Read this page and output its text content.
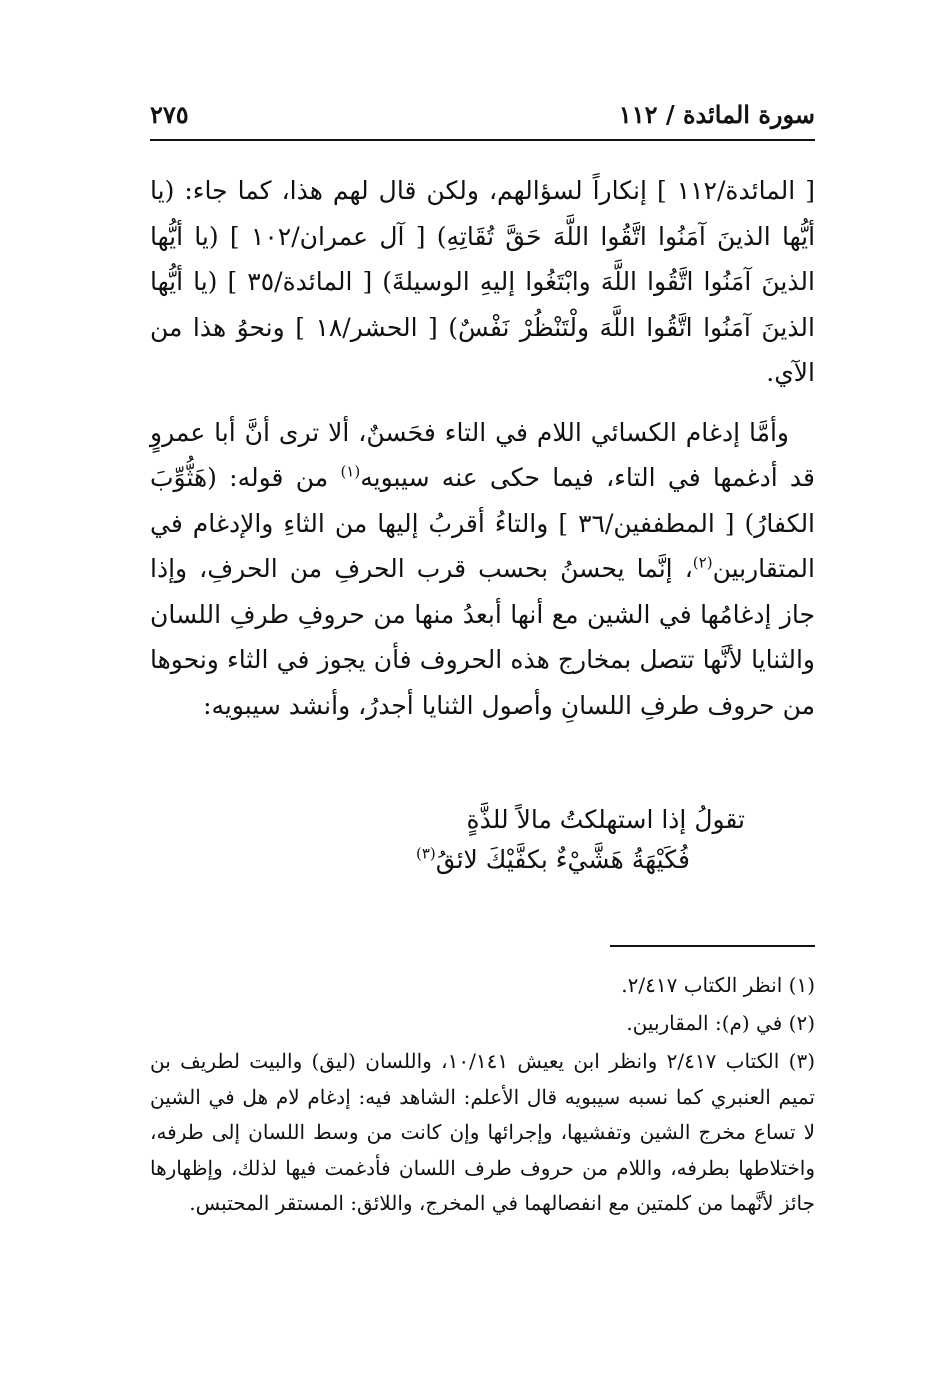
سورة المائدة / ١١٢
٢٧٥

[ المائدة/١١٢ ] إنكاراً لسؤالهم، ولكن قال لهم هذا، كما جاء: (يا أيُّها الذينَ آمَنُوا اتَّقُوا اللَّهَ حَقَّ تُقَاتِهِ) [ آل عمران/١٠٢ ] (يا أيُّها الذينَ آمَنُوا اتَّقُوا اللَّهَ وابْتَغُوا إليهِ الوسيلةَ) [ المائدة/٣٥ ] (يا أيُّها الذينَ آمَنُوا اتَّقُوا اللَّهَ ولْتَنْظُرْ نَفْسٌ) [ الحشر/١٨ ] ونحوُ هذا من الآي.

وأمَّا إدغام الكسائي اللام في التاء فحَسنٌ، ألا ترى أنَّ أبا عمروٍ قد أدغمها في التاء، فيما حكى عنه سيبويه$^{(١)}$ من قوله: (هَثُّوِّبَ الكفارُ) [ المطففين/٣٦ ] والتاءُ أقربُ إليها من الثاءِ والإدغام في المتقاربين$^{(٢)}$، إنَّما يحسنُ بحسب قرب الحرفِ من الحرفِ، وإذا جاز إدغامُها في الشين مع أنها أبعدُ منها من حروفِ طرفِ اللسان والثنايا لأنَّها تتصل بمخارج هذه الحروف فأن يجوز في الثاء ونحوها من حروف طرفِ اللسانِ وأصول الثنايا أجدرُ، وأنشد سيبويه:

تقولُ إذا استهلكتُ مالاً للذَّةٍ
فُكَيْهَةُ هَشَّيْءٌ بكفَّيْكَ لائقُ$^{(٣)}$
(١) انظر الكتاب ٢/٤١٧.
(٢) في (م): المقاربين.
(٣) الكتاب ٢/٤١٧ وانظر ابن يعيش ١٠/١٤١، واللسان (ليق) والبيت لطريف بن تميم العنبري كما نسبه سيبويه قال الأعلم: الشاهد فيه: إدغام لام هل في الشين لا تساع مخرج الشين وتفشيها، وإجرائها وإن كانت من وسط اللسان إلى طرفه، واختلاطها بطرفه، واللام من حروف طرف اللسان فأدغمت فيها لذلك، وإظهارها جائز لأنَّهما من كلمتين مع انفصالهما في المخرج، واللائق: المستقر المحتبس.
